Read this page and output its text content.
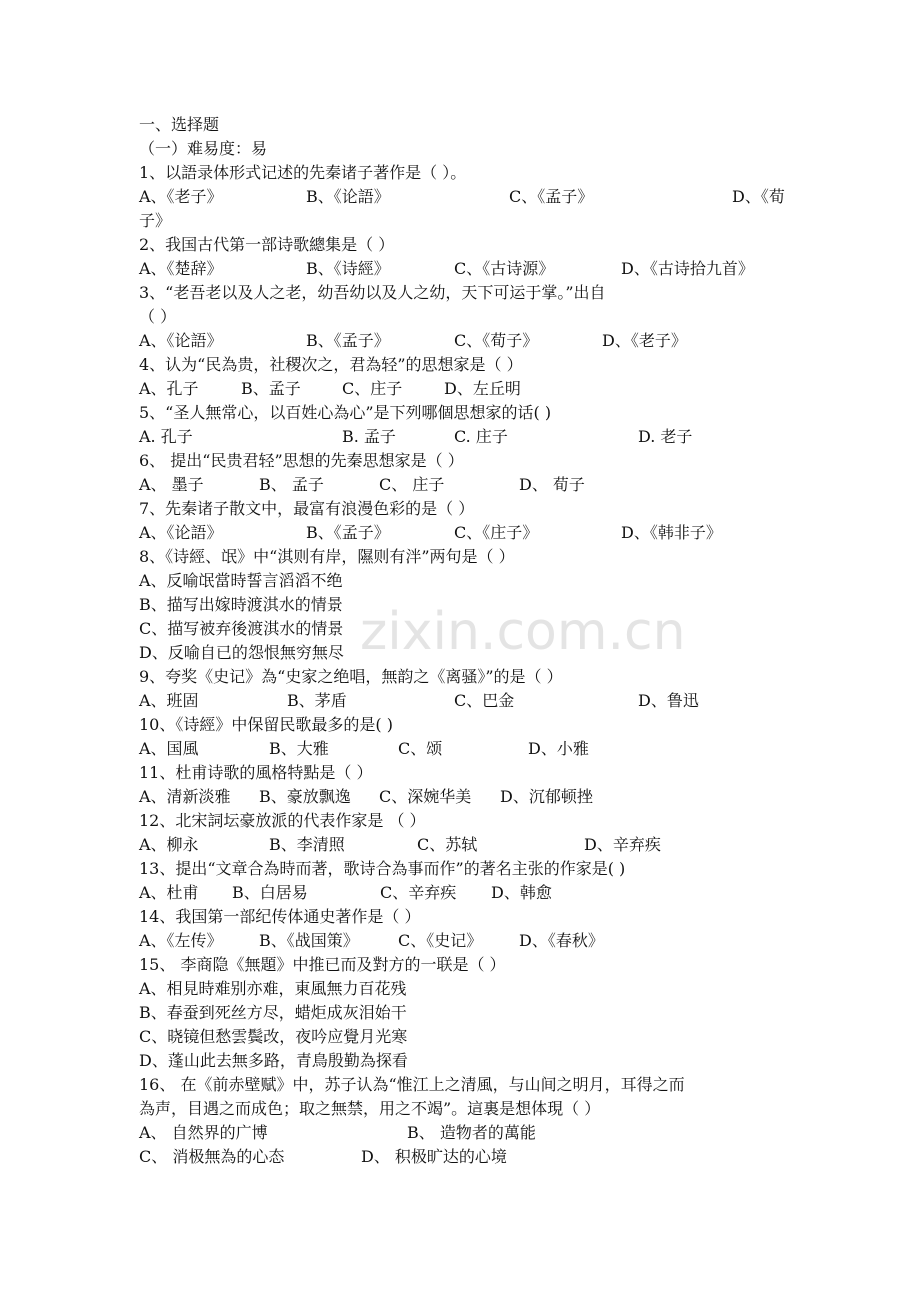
zixin.com.cn
一、选择题
（一）难易度：易
1、以語录体形式记述的先秦诸子著作是（ ）。
A、《老子》	B、《论語》	C、《孟子》	D、《荀
子》
2、我国古代第一部诗歌總集是（ ）
A、《楚辞》	B、《诗經》	C、《古诗源》	D、《古诗拾九首》
3、“老吾老以及人之老，幼吾幼以及人之幼，天下可运于掌。”出自
（ ）
A、《论語》	B、《孟子》	C、《荀子》	D、《老子》
4、认为“民為贵，社稷次之，君為轻”的思想家是（ ）
A、孔子	B、孟子	C、庄子	D、左丘明
5、“圣人無常心，以百姓心為心”是下列哪個思想家的话( )
A. 孔子	B. 孟子	C. 庄子	D. 老子
6、 提出“民贵君轻”思想的先秦思想家是（ ）
A、 墨子	B、 孟子	C、 庄子	D、 荀子
7、先秦诸子散文中，最富有浪漫色彩的是（ ）
A、《论語》	B、《孟子》	C、《庄子》	D、《韩非子》
8、《诗經、氓》中“淇则有岸，隰则有泮”两句是（ ）
A、反喻氓當時誓言滔滔不绝
B、描写出嫁時渡淇水的情景
C、描写被弃後渡淇水的情景
D、反喻自已的怨恨無穷無尽
9、夸奖《史记》為“史家之绝唱，無韵之《离骚》”的是（ ）
A、班固	B、茅盾	C、巴金	D、鲁迅
10、《诗經》中保留民歌最多的是( )
A、国風	B、大雅	C、颂	D、小雅
11、杜甫诗歌的風格特點是（ ）
A、清新淡雅 B、豪放飘逸 C、深婉华美 D、沉郁顿挫
12、北宋詞坛豪放派的代表作家是 （ ）
A、柳永	B、李清照	C、苏轼	D、辛弃疾
13、提出“文章合為時而著，歌诗合為事而作”的著名主张的作家是( )
A、杜甫 B、白居易	C、辛弃疾 D、韩愈
14、我国第一部纪传体通史著作是（ ）
A、《左传》 B、《战国策》 C、《史记》 D、《春秋》
15、 李商隐《無題》中推已而及對方的一联是（ ）
A、相見時难别亦难，東風無力百花残
B、春蚕到死丝方尽，蜡炬成灰泪始干
C、晓镜但愁雲鬓改，夜吟应覺月光寒
D、蓬山此去無多路，青鳥殷勤為探看
16、 在《前赤壁赋》中，苏子认為“惟江上之清風，与山间之明月，耳得之而
為声，目遇之而成色；取之無禁，用之不竭”。這裏是想体現（ ）
A、 自然界的广博	B、 造物者的萬能
C、 消极無為的心态	D、 积极旷达的心境
